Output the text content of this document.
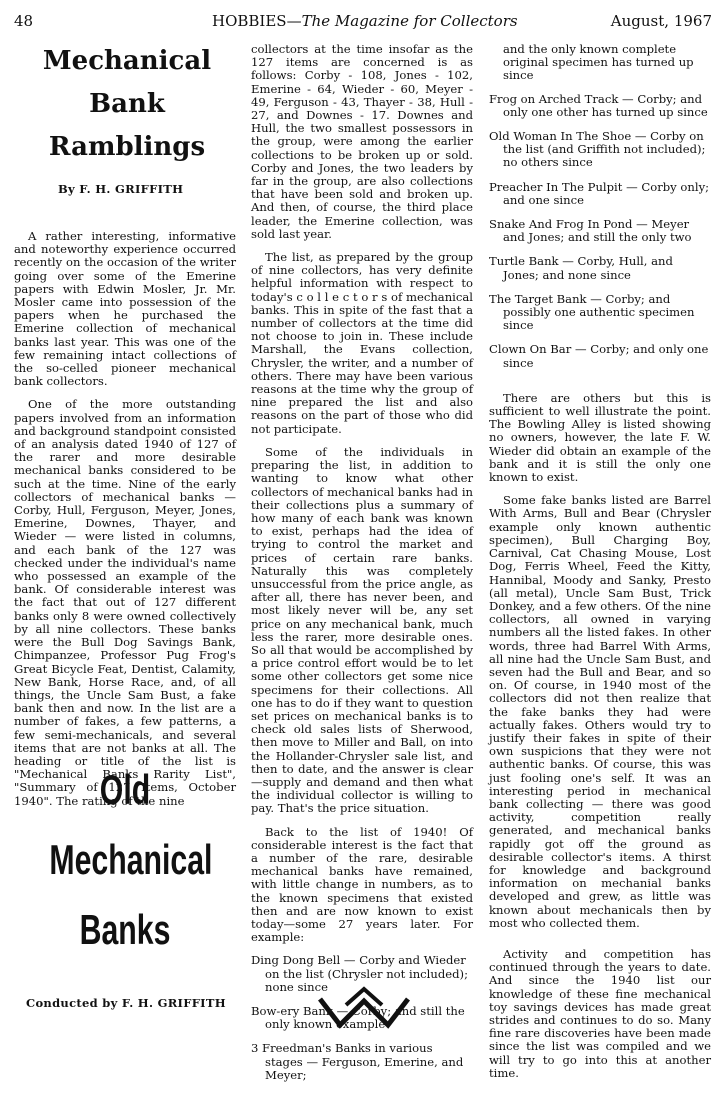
48	HOBBIES—The Magazine for Collectors	August, 1967
Mechanical
Bank
Ramblings
By F. H. GRIFFITH

A rather interesting, informative and noteworthy experience occurred recently on the occasion of the writer going over some of the Emerine papers with Edwin Mosler, Jr. Mr. Mosler came into possession of the papers when he purchased the Emerine collection of mechanical banks last year. This was one of the few remaining intact collections of the so-celled pioneer mechanical bank collectors.

One of the more outstanding papers involved from an information and background standpoint consisted of an analysis dated 1940 of 127 of the rarer and more desirable mechanical banks considered to be such at the time. Nine of the early collectors of mechanical banks — Corby, Hull, Ferguson, Meyer, Jones, Emerine, Downes, Thayer, and Wieder — were listed in columns, and each bank of the 127 was checked under the individual's name who possessed an example of the bank. Of considerable interest was the fact that out of 127 different banks only 8 were owned collectively by all nine collectors. These banks were the Bull Dog Savings Bank, Chimpanzee, Professor Pug Frog's Great Bicycle Feat, Dentist, Calamity, New Bank, Horse Race, and, of all things, the Uncle Sam Bust, a fake bank then and now. In the list are a number of fakes, a few patterns, a few semi-mechanicals, and several items that are not banks at all. The heading or title of the list is "Mechanical Banks Rarity List", "Summary of 127 Items, October 1940". The rating of the nine

Old
Mechanical
Banks
Conducted by F. H. GRIFFITH

collectors at the time insofar as the 127 items are concerned is as follows: Corby - 108, Jones - 102, Emerine - 64, Wieder - 60, Meyer - 49, Ferguson - 43, Thayer - 38, Hull - 27, and Downes - 17. Downes and Hull, the two smallest possessors in the group, were among the earlier collections to be broken up or sold. Corby and Jones, the two leaders by far in the group, are also collections that have been sold and broken up. And then, of course, the third place leader, the Emerine collection, was sold last year.

The list, as prepared by the group of nine collectors, has very definite helpful information with respect to today's c o l l e c t o r s of mechanical banks. This in spite of the fast that a number of collectors at the time did not choose to join in. These include Marshall, the Evans collection, Chrysler, the writer, and a number of others. There may have been various reasons at the time why the group of nine prepared the list and also reasons on the part of those who did not participate.

Some of the individuals in preparing the list, in addition to wanting to know what other collectors of mechanical banks had in their collections plus a summary of how many of each bank was known to exist, perhaps had the idea of trying to control the market and prices of certain rare banks. Naturally this was completely unsuccessful from the price angle, as after all, there has never been, and most likely never will be, any set price on any mechanical bank, much less the rarer, more desirable ones. So all that would be accomplished by a price control effort would be to let some other collectors get some nice specimens for their collections. All one has to do if they want to question set prices on mechanical banks is to check old sales lists of Sherwood, then move to Miller and Ball, on into the Hollander-Chrysler sale list, and then to date, and the answer is clear—supply and demand and then what the individual collector is willing to pay. That's the price situation.

Back to the list of 1940! Of considerable interest is the fact that a number of the rare, desirable mechanical banks have remained, with little change in numbers, as to the known specimens that existed then and are now known to exist today—some 27 years later. For example:

Ding Dong Bell — Corby and Wieder on the list (Chrysler not included); none since

Bow-ery Bank — Corby; and still the only known example

3 Freedman's Banks in various stages — Ferguson, Emerine, and Meyer;

and the only known complete original specimen has turned up since

Frog on Arched Track — Corby; and only one other has turned up since

Old Woman In The Shoe — Corby on the list (and Griffith not included); no others since

Preacher In The Pulpit — Corby only; and one since

Snake And Frog In Pond — Meyer and Jones; and still the only two

Turtle Bank — Corby, Hull, and Jones; and none since

The Target Bank — Corby; and possibly one authentic specimen since

Clown On Bar — Corby; and only one since

There are others but this is sufficient to well illustrate the point. The Bowling Alley is listed showing no owners, however, the late F. W. Wieder did obtain an example of the bank and it is still the only one known to exist.

Some fake banks listed are Barrel With Arms, Bull and Bear (Chrysler example only known authentic specimen), Bull Charging Boy, Carnival, Cat Chasing Mouse, Lost Dog, Ferris Wheel, Feed the Kitty, Hannibal, Moody and Sanky, Presto (all metal), Uncle Sam Bust, Trick Donkey, and a few others. Of the nine collectors, all owned in varying numbers all the listed fakes. In other words, three had Barrel With Arms, all nine had the Uncle Sam Bust, and seven had the Bull and Bear, and so on. Of course, in 1940 most of the collectors did not then realize that the fake banks they had were actually fakes. Others would try to justify their fakes in spite of their own suspicions that they were not authentic banks. Of course, this was just fooling one's self. It was an interesting period in mechanical bank collecting — there was good activity, competition really generated, and mechanical banks rapidly got off the ground as desirable collector's items. A thirst for knowledge and background information on mechanial banks developed and grew, as little was known about mechanicals then by most who collected them.

Activity and competition has continued through the years to date. And since the 1940 list our knowledge of these fine mechanical toy savings devices has made great strides and continues to do so. Many fine rare discoveries have been made since the list was compiled and we will try to go into this at another time.
